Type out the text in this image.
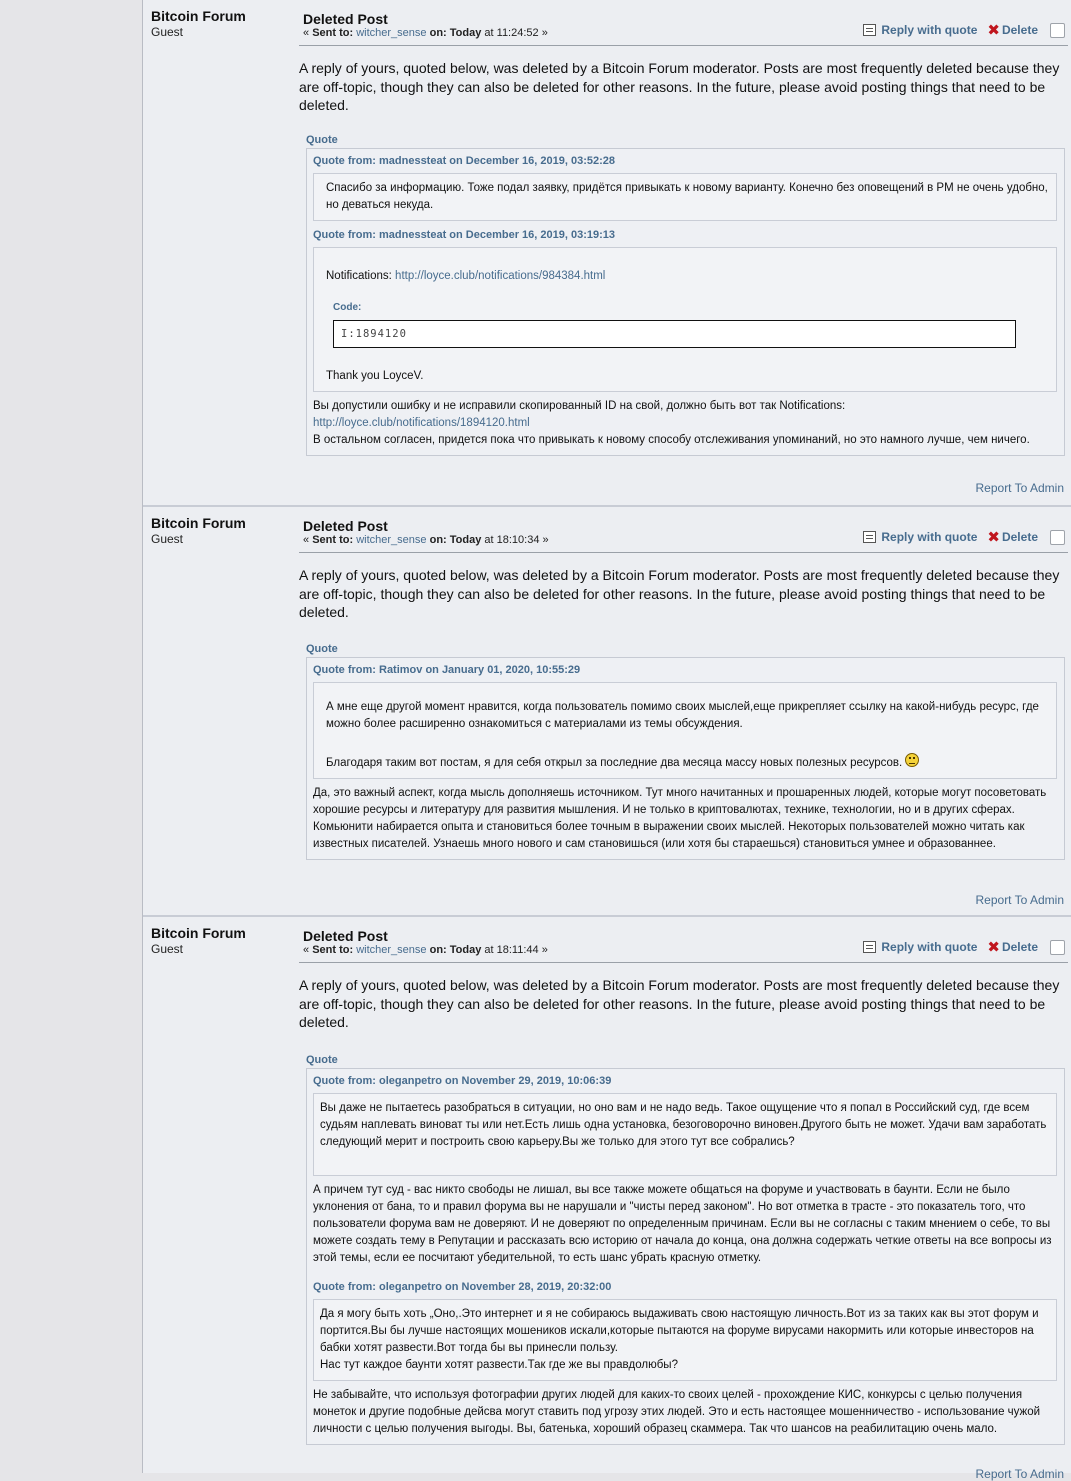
Bitcoin Forum
Guest
Deleted Post
« Sent to: witcher_sense on: Today at 11:24:52 »	Reply with quote ✖ Delete
A reply of yours, quoted below, was deleted by a Bitcoin Forum moderator. Posts are most frequently deleted because they are off-topic, though they can also be deleted for other reasons. In the future, please avoid posting things that need to be deleted.
Quote
Quote from: madnessteat on December 16, 2019, 03:52:28
Спасибо за информацию. Тоже подал заявку, придётся привыкать к новому варианту. Конечно без оповещений в PM не очень удобно, но деваться некуда.
Quote from: madnessteat on December 16, 2019, 03:19:13
Notifications: http://loyce.club/notifications/984384.html
Code:
I:1894120
Thank you LoyceV.
Вы допустили ошибку и не исправили скопированный ID на свой, должно быть вот так Notifications:
http://loyce.club/notifications/1894120.html
В остальном согласен, придется пока что привыкать к новому способу отслеживания упоминаний, но это намного лучше, чем ничего.
Report To Admin
Bitcoin Forum
Guest
Deleted Post
« Sent to: witcher_sense on: Today at 18:10:34 »	Reply with quote ✖ Delete
A reply of yours, quoted below, was deleted by a Bitcoin Forum moderator. Posts are most frequently deleted because they are off-topic, though they can also be deleted for other reasons. In the future, please avoid posting things that need to be deleted.
Quote
Quote from: Ratimov on January 01, 2020, 10:55:29
А мне еще другой момент нравится, когда пользователь помимо своих мыслей,еще прикрепляет ссылку на какой-нибудь ресурс, где можно более расширенно ознакомиться с материалами из темы обсуждения.
Благодаря таким вот постам, я для себя открыл за последние два месяца массу новых полезных ресурсов.
Да, это важный аспект, когда мысль дополняешь источником. Тут много начитанных и прошаренных людей, которые могут посоветовать хорошие ресурсы и литературу для развития мышления. И не только в криптовалютах, технике, технологии, но и в других сферах. Комьюнити набирается опыта и становиться более точным в выражении своих мыслей. Некоторых пользователей можно читать как известных писателей. Узнаешь много нового и сам становишься (или хотя бы стараешься) становиться умнее и образованнее.
Report To Admin
Bitcoin Forum
Guest
Deleted Post
« Sent to: witcher_sense on: Today at 18:11:44 »	Reply with quote ✖ Delete
A reply of yours, quoted below, was deleted by a Bitcoin Forum moderator. Posts are most frequently deleted because they are off-topic, though they can also be deleted for other reasons. In the future, please avoid posting things that need to be deleted.
Quote
Quote from: oleganpetro on November 29, 2019, 10:06:39
Вы даже не пытаетесь разобраться в ситуации, но оно вам и не надо ведь. Такое ощущение что я попал в Российский суд, где всем судьям наплевать виноват ты или нет.Есть лишь одна установка, безоговорочно виновен.Другого быть не может. Удачи вам заработать следующий мерит и построить свою карьеру.Вы же только для этого тут все собрались?
А причем тут суд - вас никто свободы не лишал, вы все также можете общаться на форуме и участвовать в баунти. Если не было уклонения от бана, то и правил форума вы не нарушали и "чисты перед законом". Но вот отметка в трасте - это показатель того, что пользователи форума вам не доверяют. И не доверяют по определенным причинам. Если вы не согласны с таким мнением о себе, то вы можете создать тему в Репутации и рассказать всю историю от начала до конца, она должна содержать четкие ответы на все вопросы из этой темы, если ее посчитают убедительной, то есть шанс убрать красную отметку.
Quote from: oleganpetro on November 28, 2019, 20:32:00
Да я могу быть хоть „Оно,.Это интернет и я не собираюсь выдаживать свою настоящую личность.Вот из за таких как вы этот форум и портится.Вы бы лучше настоящих мошеников искали,которые пытаются на форуме вирусами накормить или которые инвесторов на бабки хотят развести.Вот тогда бы вы принесли пользу.
Нас тут каждое баунти хотят развести.Так где же вы правдолюбы?
Не забывайте, что используя фотографии других людей для каких-то своих целей - прохождение КИС, конкурсы с целью получения монеток и другие подобные дейсва могут ставить под угрозу этих людей. Это и есть настоящее мошенничество - использование чужой личности с целью получения выгоды. Вы, батенька, хороший образец скаммера. Так что шансов на реабилитацию очень мало.
Report To Admin
